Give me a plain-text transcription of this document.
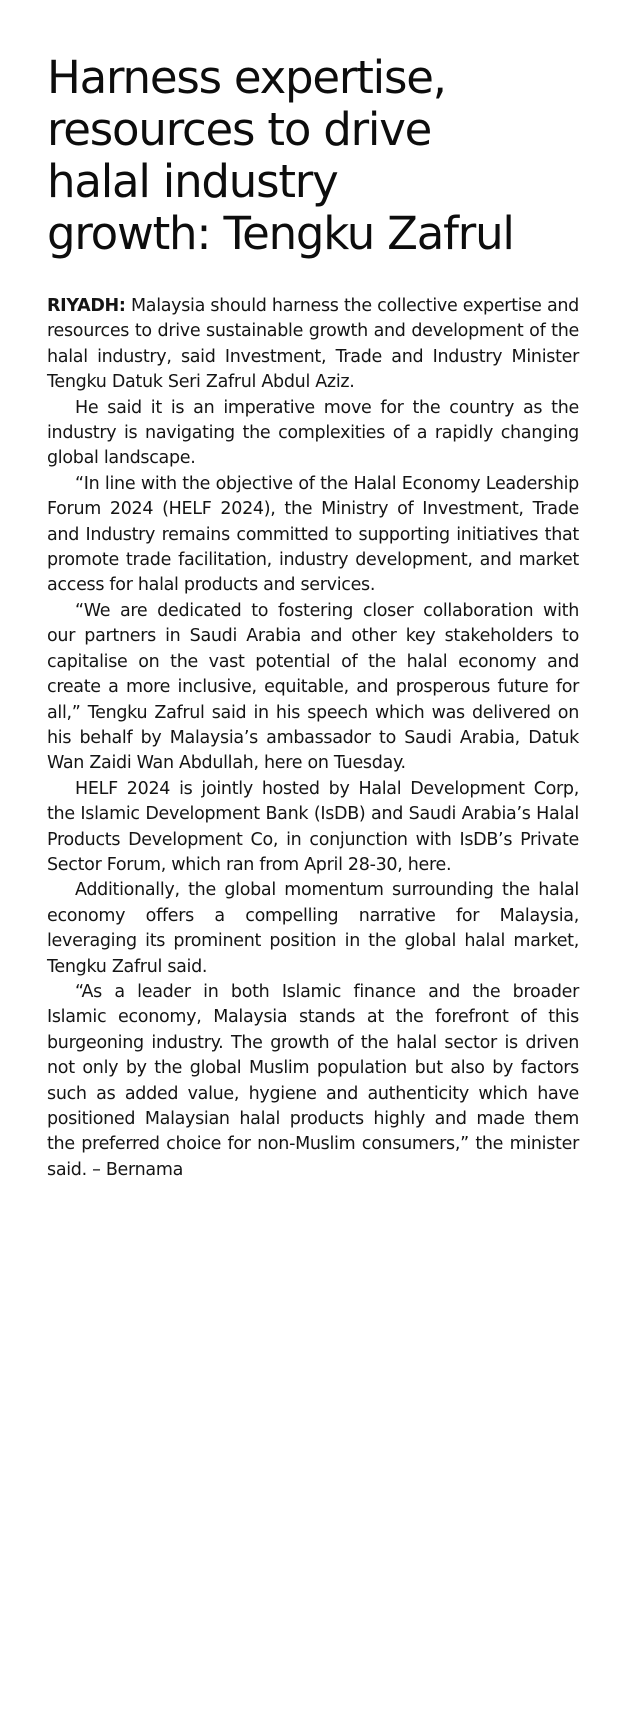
Harness expertise,
resources to drive
halal industry
growth: Tengku Zafrul

RIYADH: Malaysia should harness the collective expertise and resources to drive sustainable growth and development of the halal industry, said Investment, Trade and Industry Minister Tengku Datuk Seri Zafrul Abdul Aziz.

He said it is an imperative move for the country as the industry is navigating the complexities of a rapidly changing global landscape.

“In line with the objective of the Halal Economy Leadership Forum 2024 (HELF 2024), the Ministry of Investment, Trade and Industry remains committed to supporting initiatives that promote trade facilitation, industry development, and market access for halal products and services.

“We are dedicated to fostering closer collaboration with our partners in Saudi Arabia and other key stakeholders to capitalise on the vast potential of the halal economy and create a more inclusive, equitable, and prosperous future for all,” Tengku Zafrul said in his speech which was delivered on his behalf by Malaysia’s ambassador to Saudi Arabia, Datuk Wan Zaidi Wan Abdullah, here on Tuesday.

HELF 2024 is jointly hosted by Halal Development Corp, the Islamic Development Bank (IsDB) and Saudi Arabia’s Halal Products Development Co, in conjunction with IsDB’s Private Sector Forum, which ran from April 28-30, here.

Additionally, the global momentum surrounding the halal economy offers a compelling narrative for Malaysia, leveraging its prominent position in the global halal market, Tengku Zafrul said.

“As a leader in both Islamic finance and the broader Islamic economy, Malaysia stands at the forefront of this burgeoning industry. The growth of the halal sector is driven not only by the global Muslim population but also by factors such as added value, hygiene and authenticity which have positioned Malaysian halal products highly and made them the preferred choice for non-Muslim consumers,” the minister said. – Bernama
